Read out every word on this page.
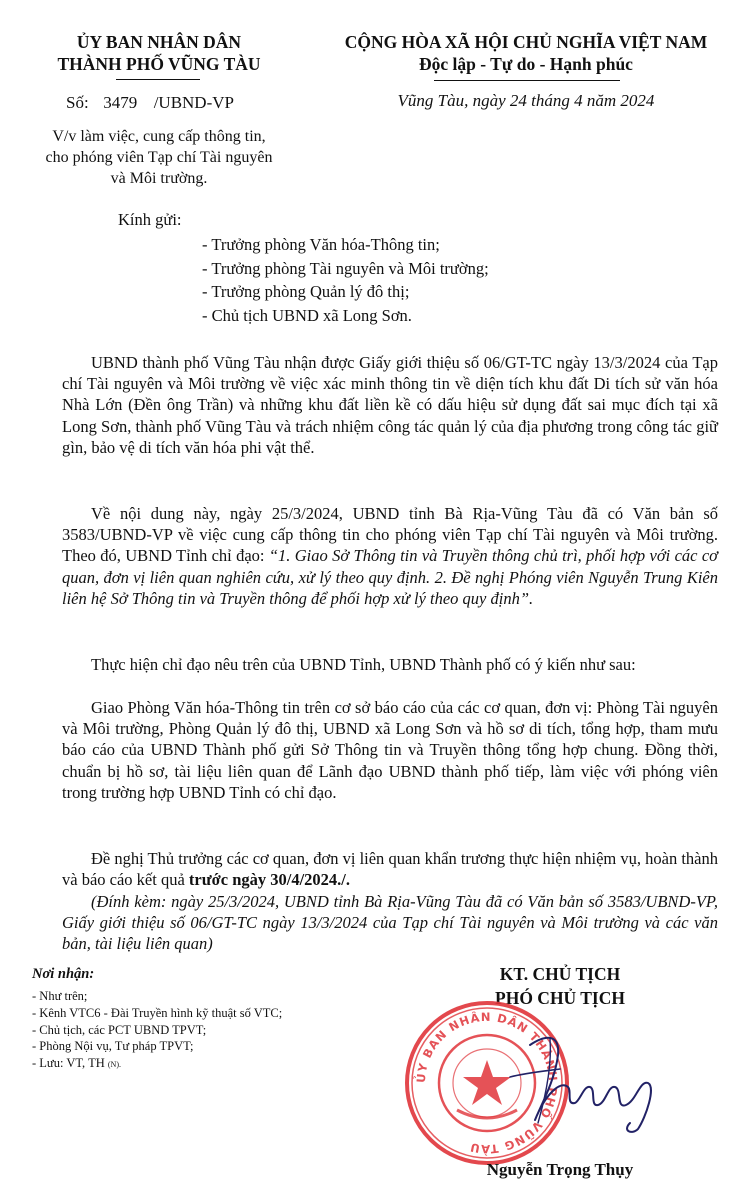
ỦY BAN NHÂN DÂN
THÀNH PHỐ VŨNG TÀU
Số: 3479 /UBND-VP
V/v làm việc, cung cấp thông tin,
cho phóng viên Tạp chí Tài nguyên
và Môi trường.
CỘNG HÒA XÃ HỘI CHỦ NGHĨA VIỆT NAM
Độc lập - Tự do - Hạnh phúc
Vũng Tàu, ngày 24 tháng 4 năm 2024
Kính gửi:
- Trưởng phòng Văn hóa-Thông tin;
- Trưởng phòng Tài nguyên và Môi trường;
- Trưởng phòng Quản lý đô thị;
- Chủ tịch UBND xã Long Sơn.

UBND thành phố Vũng Tàu nhận được Giấy giới thiệu số 06/GT-TC ngày 13/3/2024 của Tạp chí Tài nguyên và Môi trường về việc xác minh thông tin về diện tích khu đất Di tích sử văn hóa Nhà Lớn (Đền ông Trần) và những khu đất liền kề có dấu hiệu sử dụng đất sai mục đích tại xã Long Sơn, thành phố Vũng Tàu và trách nhiệm công tác quản lý của địa phương trong công tác giữ gìn, bảo vệ di tích văn hóa phi vật thể.

Về nội dung này, ngày 25/3/2024, UBND tỉnh Bà Rịa-Vũng Tàu đã có Văn bản số 3583/UBND-VP về việc cung cấp thông tin cho phóng viên Tạp chí Tài nguyên và Môi trường. Theo đó, UBND Tỉnh chỉ đạo: “1. Giao Sở Thông tin và Truyền thông chủ trì, phối hợp với các cơ quan, đơn vị liên quan nghiên cứu, xử lý theo quy định. 2. Đề nghị Phóng viên Nguyễn Trung Kiên liên hệ Sở Thông tin và Truyền thông để phối hợp xử lý theo quy định”.

Thực hiện chỉ đạo nêu trên của UBND Tỉnh, UBND Thành phố có ý kiến như sau:

Giao Phòng Văn hóa-Thông tin trên cơ sở báo cáo của các cơ quan, đơn vị: Phòng Tài nguyên và Môi trường, Phòng Quản lý đô thị, UBND xã Long Sơn và hồ sơ di tích, tổng hợp, tham mưu báo cáo của UBND Thành phố gửi Sở Thông tin và Truyền thông tổng hợp chung. Đồng thời, chuẩn bị hồ sơ, tài liệu liên quan để Lãnh đạo UBND thành phố tiếp, làm việc với phóng viên trong trường hợp UBND Tỉnh có chỉ đạo.

Đề nghị Thủ trưởng các cơ quan, đơn vị liên quan khẩn trương thực hiện nhiệm vụ, hoàn thành và báo cáo kết quả trước ngày 30/4/2024./.

(Đính kèm: ngày 25/3/2024, UBND tỉnh Bà Rịa-Vũng Tàu đã có Văn bản số 3583/UBND-VP, Giấy giới thiệu số 06/GT-TC ngày 13/3/2024 của Tạp chí Tài nguyên và Môi trường và các văn bản, tài liệu liên quan)

Nơi nhận:
- Như trên;
- Kênh VTC6 - Đài Truyền hình kỹ thuật số VTC;
- Chủ tịch, các PCT UBND TPVT;
- Phòng Nội vụ, Tư pháp TPVT;
- Lưu: VT, TH (N).
KT. CHỦ TỊCH
PHÓ CHỦ TỊCH
ỦY BAN NHÂN DÂN THÀNH PHỐ VŨNG TÀU
Nguyễn Trọng Thụy
